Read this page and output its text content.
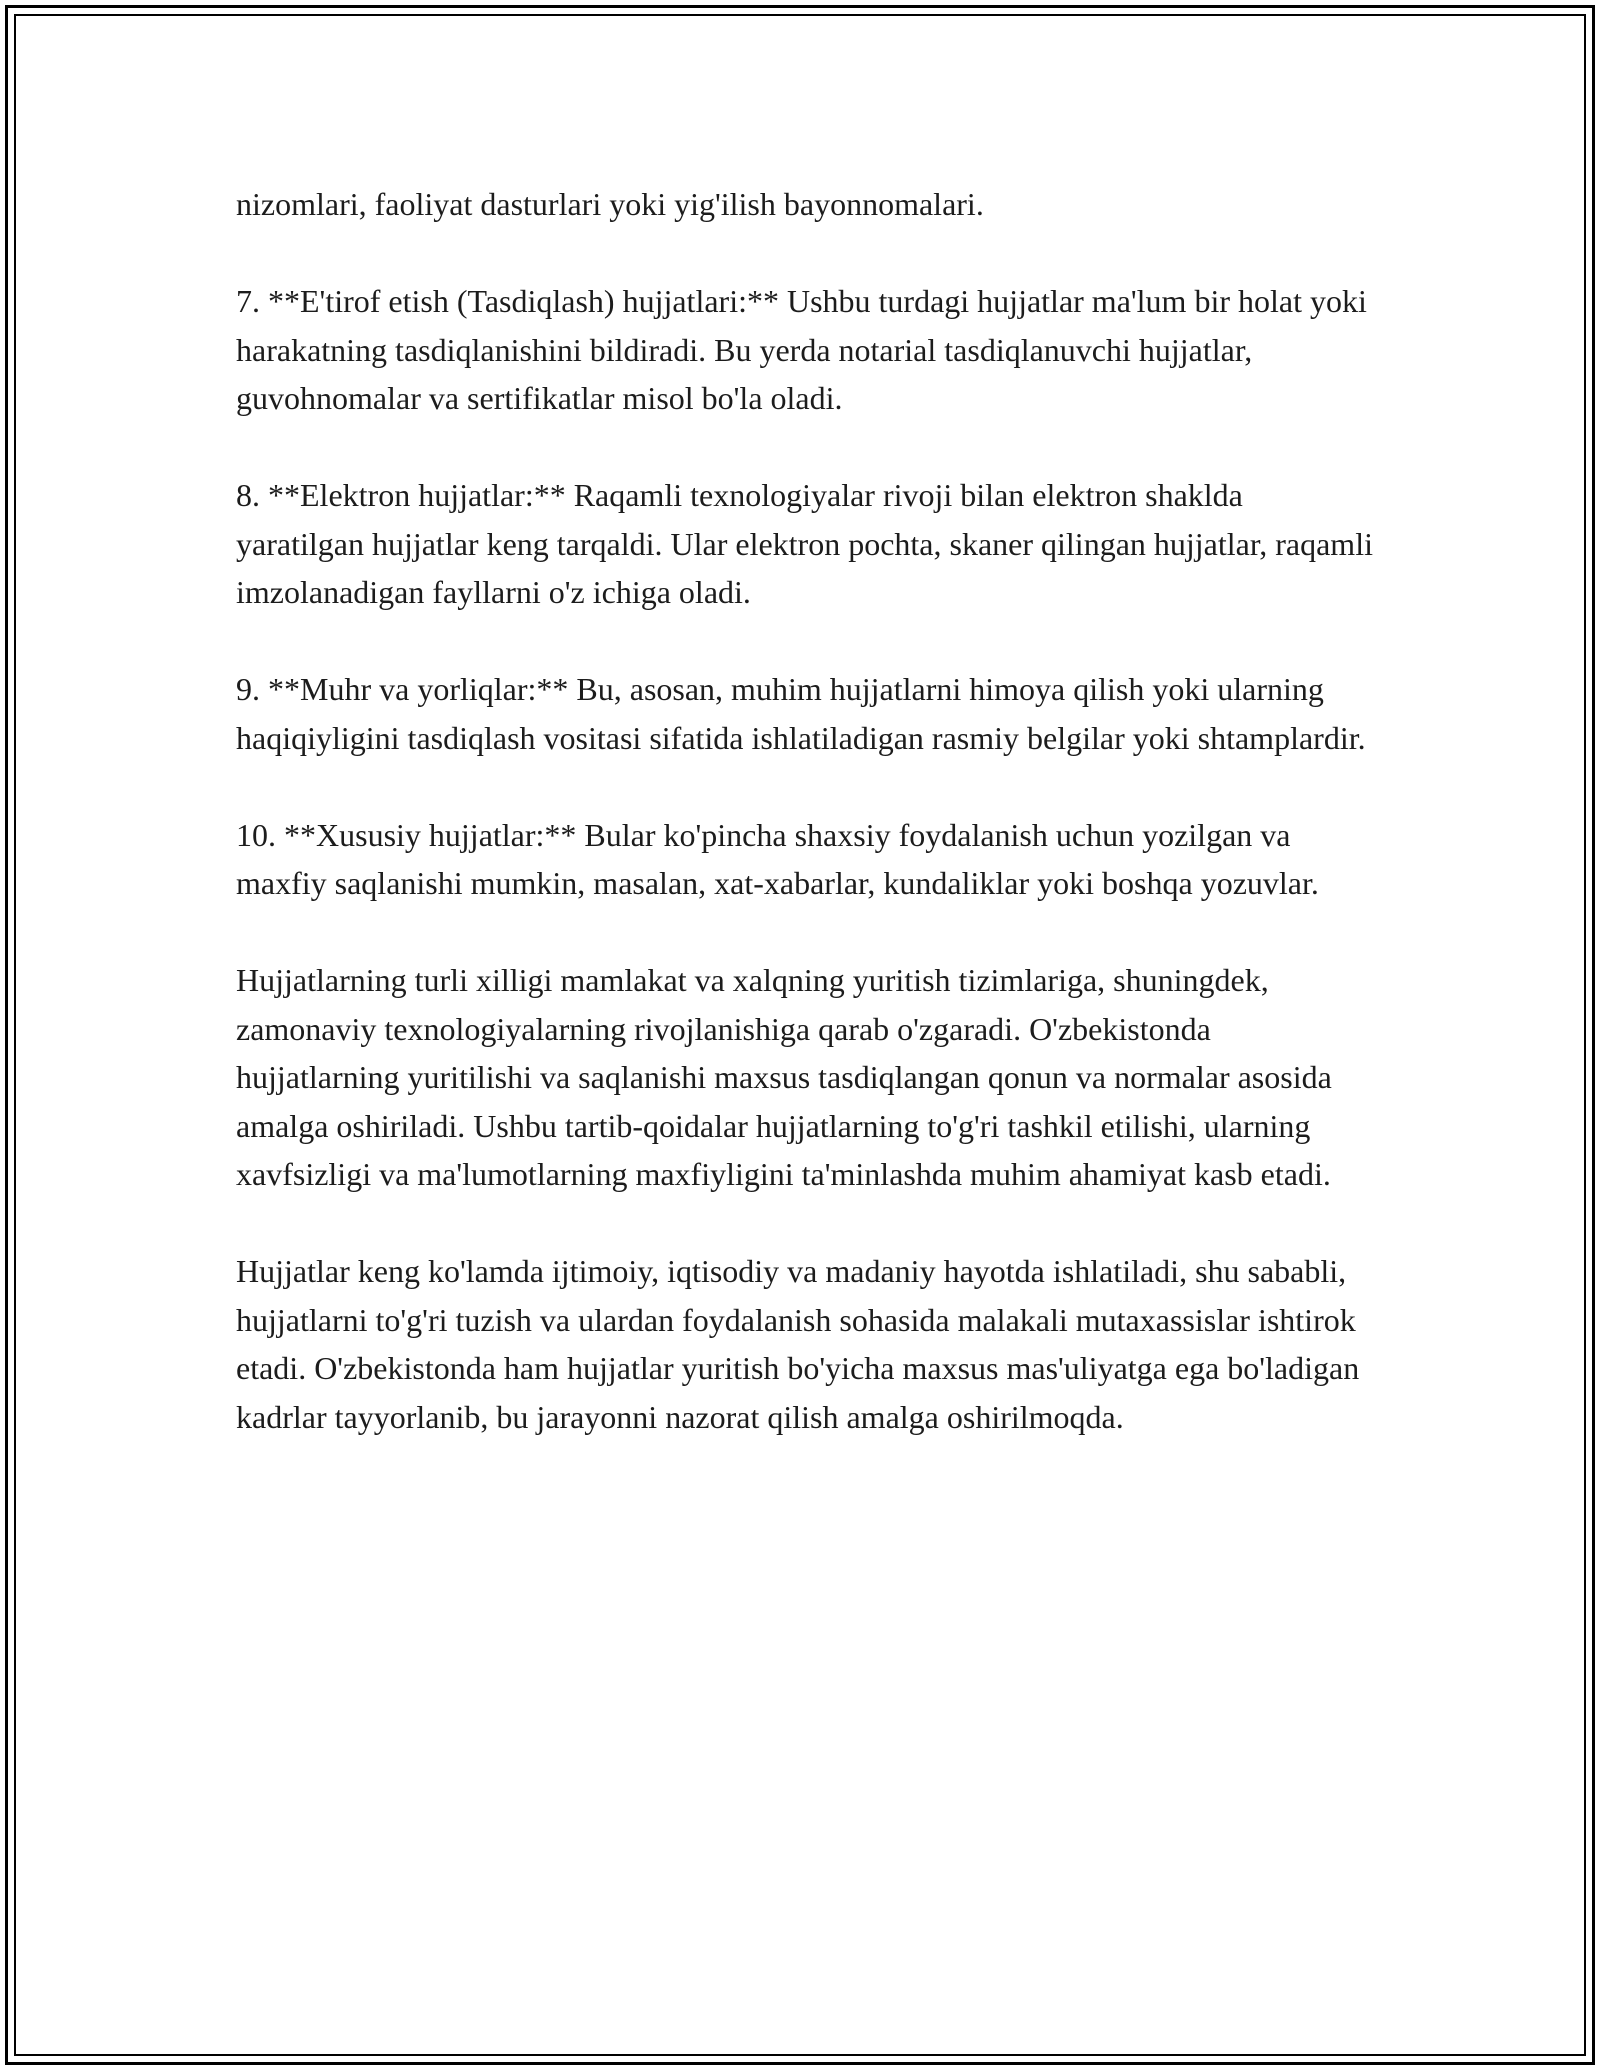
nizomlari, faoliyat dasturlari yoki yig'ilish bayonnomalari.

7. **E'tirof etish (Tasdiqlash) hujjatlari:** Ushbu turdagi hujjatlar ma'lum bir holat yoki harakatning tasdiqlanishini bildiradi. Bu yerda notarial tasdiqlanuvchi hujjatlar, guvohnomalar va sertifikatlar misol bo'la oladi.

8. **Elektron hujjatlar:** Raqamli texnologiyalar rivoji bilan elektron shaklda yaratilgan hujjatlar keng tarqaldi. Ular elektron pochta, skaner qilingan hujjatlar, raqamli imzolanadigan fayllarni o'z ichiga oladi.

9. **Muhr va yorliqlar:** Bu, asosan, muhim hujjatlarni himoya qilish yoki ularning haqiqiyligini tasdiqlash vositasi sifatida ishlatiladigan rasmiy belgilar yoki shtamplardir.

10. **Xususiy hujjatlar:** Bular ko'pincha shaxsiy foydalanish uchun yozilgan va maxfiy saqlanishi mumkin, masalan, xat-xabarlar, kundaliklar yoki boshqa yozuvlar.

Hujjatlarning turli xilligi mamlakat va xalqning yuritish tizimlariga, shuningdek, zamonaviy texnologiyalarning rivojlanishiga qarab o'zgaradi. O'zbekistonda hujjatlarning yuritilishi va saqlanishi maxsus tasdiqlangan qonun va normalar asosida amalga oshiriladi. Ushbu tartib-qoidalar hujjatlarning to'g'ri tashkil etilishi, ularning xavfsizligi va ma'lumotlarning maxfiyligini ta'minlashda muhim ahamiyat kasb etadi.

Hujjatlar keng ko'lamda ijtimoiy, iqtisodiy va madaniy hayotda ishlatiladi, shu sababli, hujjatlarni to'g'ri tuzish va ulardan foydalanish sohasida malakali mutaxassislar ishtirok etadi. O'zbekistonda ham hujjatlar yuritish bo'yicha maxsus mas'uliyatga ega bo'ladigan kadrlar tayyorlanib, bu jarayonni nazorat qilish amalga oshirilmoqda.
